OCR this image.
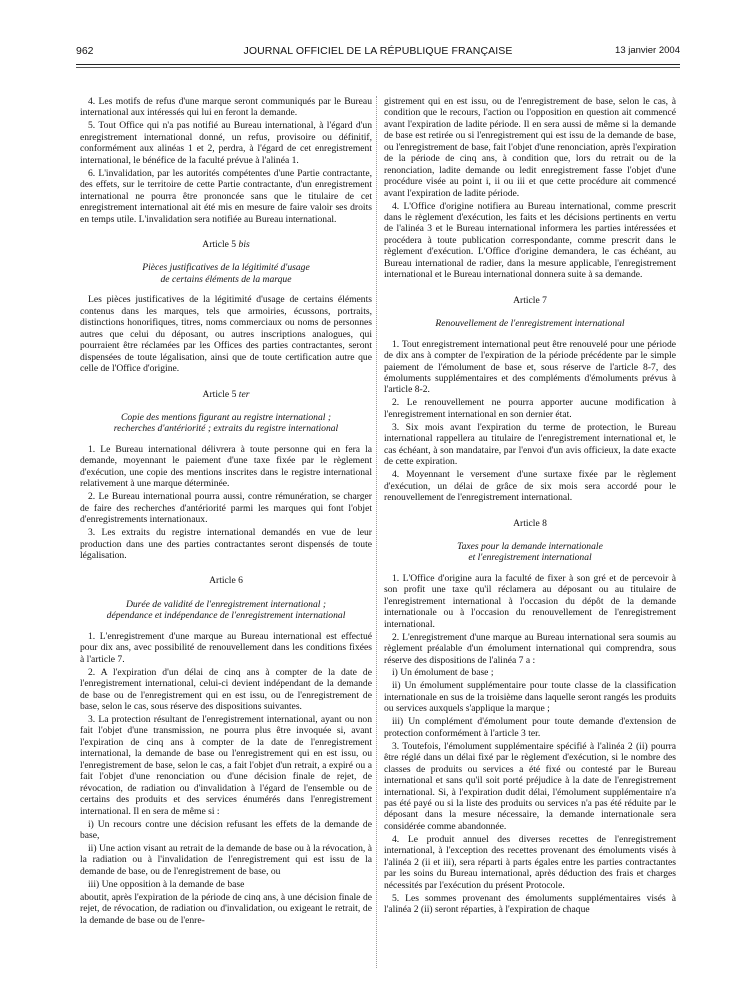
962	JOURNAL OFFICIEL DE LA RÉPUBLIQUE FRANÇAISE	13 janvier 2004

4. Les motifs de refus d'une marque seront communiqués par le Bureau international aux intéressés qui lui en feront la demande.

5. Tout Office qui n'a pas notifié au Bureau international, à l'égard d'un enregistrement international donné, un refus, provisoire ou définitif, conformément aux alinéas 1 et 2, perdra, à l'égard de cet enregistrement international, le bénéfice de la faculté prévue à l'alinéa 1.

6. L'invalidation, par les autorités compétentes d'une Partie contractante, des effets, sur le territoire de cette Partie contractante, d'un enregistrement international ne pourra être prononcée sans que le titulaire de cet enregistrement international ait été mis en mesure de faire valoir ses droits en temps utile. L'invalidation sera notifiée au Bureau international.

Article 5 bis
Pièces justificatives de la légitimité d'usage
de certains éléments de la marque

Les pièces justificatives de la légitimité d'usage de certains éléments contenus dans les marques, tels que armoiries, écussons, portraits, distinctions honorifiques, titres, noms commerciaux ou noms de personnes autres que celui du déposant, ou autres inscriptions analogues, qui pourraient être réclamées par les Offices des parties contractantes, seront dispensées de toute légalisation, ainsi que de toute certification autre que celle de l'Office d'origine.

Article 5 ter
Copie des mentions figurant au registre international ;
recherches d'antériorité ; extraits du registre international

1. Le Bureau international délivrera à toute personne qui en fera la demande, moyennant le paiement d'une taxe fixée par le règlement d'exécution, une copie des mentions inscrites dans le registre international relativement à une marque déterminée.

2. Le Bureau international pourra aussi, contre rémunération, se charger de faire des recherches d'antériorité parmi les marques qui font l'objet d'enregistrements internationaux.

3. Les extraits du registre international demandés en vue de leur production dans une des parties contractantes seront dispensés de toute légalisation.

Article 6
Durée de validité de l'enregistrement international ;
dépendance et indépendance de l'enregistrement international

1. L'enregistrement d'une marque au Bureau international est effectué pour dix ans, avec possibilité de renouvellement dans les conditions fixées à l'article 7.

2. A l'expiration d'un délai de cinq ans à compter de la date de l'enregistrement international, celui-ci devient indépendant de la demande de base ou de l'enregistrement qui en est issu, ou de l'enregistrement de base, selon le cas, sous réserve des dispositions suivantes.

3. La protection résultant de l'enregistrement international, ayant ou non fait l'objet d'une transmission, ne pourra plus être invoquée si, avant l'expiration de cinq ans à compter de la date de l'enregistrement international, la demande de base ou l'enregistrement qui en est issu, ou l'enregistrement de base, selon le cas, a fait l'objet d'un retrait, a expiré ou a fait l'objet d'une renonciation ou d'une décision finale de rejet, de révocation, de radiation ou d'invalidation à l'égard de l'ensemble ou de certains des produits et des services énumérés dans l'enregistrement international. Il en sera de même si :

i) Un recours contre une décision refusant les effets de la demande de base,

ii) Une action visant au retrait de la demande de base ou à la révocation, à la radiation ou à l'invalidation de l'enregistrement qui est issu de la demande de base, ou de l'enregistrement de base, ou

iii) Une opposition à la demande de base

aboutit, après l'expiration de la période de cinq ans, à une décision finale de rejet, de révocation, de radiation ou d'invalidation, ou exigeant le retrait, de la demande de base ou de l'enre-

gistrement qui en est issu, ou de l'enregistrement de base, selon le cas, à condition que le recours, l'action ou l'opposition en question ait commencé avant l'expiration de ladite période. Il en sera aussi de même si la demande de base est retirée ou si l'enregistrement qui est issu de la demande de base, ou l'enregistrement de base, fait l'objet d'une renonciation, après l'expiration de la période de cinq ans, à condition que, lors du retrait ou de la renonciation, ladite demande ou ledit enregistrement fasse l'objet d'une procédure visée au point i, ii ou iii et que cette procédure ait commencé avant l'expiration de ladite période.

4. L'Office d'origine notifiera au Bureau international, comme prescrit dans le règlement d'exécution, les faits et les décisions pertinents en vertu de l'alinéa 3 et le Bureau international informera les parties intéressées et procédera à toute publication correspondante, comme prescrit dans le règlement d'exécution. L'Office d'origine demandera, le cas échéant, au Bureau international de radier, dans la mesure applicable, l'enregistrement international et le Bureau international donnera suite à sa demande.

Article 7
Renouvellement de l'enregistrement international

1. Tout enregistrement international peut être renouvelé pour une période de dix ans à compter de l'expiration de la période précédente par le simple paiement de l'émolument de base et, sous réserve de l'article 8-7, des émoluments supplémentaires et des compléments d'émoluments prévus à l'article 8-2.

2. Le renouvellement ne pourra apporter aucune modification à l'enregistrement international en son dernier état.

3. Six mois avant l'expiration du terme de protection, le Bureau international rappellera au titulaire de l'enregistrement international et, le cas échéant, à son mandataire, par l'envoi d'un avis officieux, la date exacte de cette expiration.

4. Moyennant le versement d'une surtaxe fixée par le règlement d'exécution, un délai de grâce de six mois sera accordé pour le renouvellement de l'enregistrement international.

Article 8
Taxes pour la demande internationale
et l'enregistrement international

1. L'Office d'origine aura la faculté de fixer à son gré et de percevoir à son profit une taxe qu'il réclamera au déposant ou au titulaire de l'enregistrement international à l'occasion du dépôt de la demande internationale ou à l'occasion du renouvellement de l'enregistrement international.

2. L'enregistrement d'une marque au Bureau international sera soumis au règlement préalable d'un émolument international qui comprendra, sous réserve des dispositions de l'alinéa 7 a :

i) Un émolument de base ;

ii) Un émolument supplémentaire pour toute classe de la classification internationale en sus de la troisième dans laquelle seront rangés les produits ou services auxquels s'applique la marque ;

iii) Un complément d'émolument pour toute demande d'extension de protection conformément à l'article 3 ter.

3. Toutefois, l'émolument supplémentaire spécifié à l'alinéa 2 (ii) pourra être réglé dans un délai fixé par le règlement d'exécution, si le nombre des classes de produits ou services a été fixé ou contesté par le Bureau international et sans qu'il soit porté préjudice à la date de l'enregistrement international. Si, à l'expiration dudit délai, l'émolument supplémentaire n'a pas été payé ou si la liste des produits ou services n'a pas été réduite par le déposant dans la mesure nécessaire, la demande internationale sera considérée comme abandonnée.

4. Le produit annuel des diverses recettes de l'enregistrement international, à l'exception des recettes provenant des émoluments visés à l'alinéa 2 (ii et iii), sera réparti à parts égales entre les parties contractantes par les soins du Bureau international, après déduction des frais et charges nécessités par l'exécution du présent Protocole.

5. Les sommes provenant des émoluments supplémentaires visés à l'alinéa 2 (ii) seront réparties, à l'expiration de chaque
